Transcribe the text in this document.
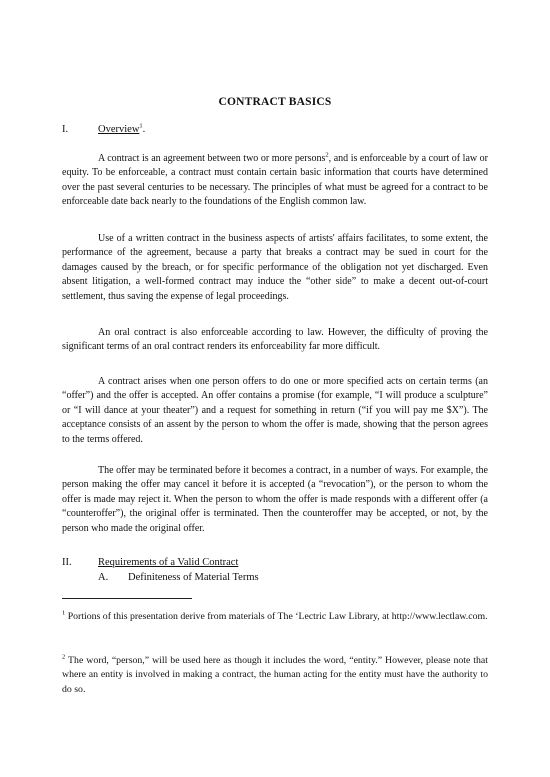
CONTRACT BASICS
I.	Overview$^1$.

A contract is an agreement between two or more persons$^2$, and is enforceable by a court of law or equity. To be enforceable, a contract must contain certain basic information that courts have determined over the past several centuries to be necessary. The principles of what must be agreed for a contract to be enforceable date back nearly to the foundations of the English common law.

Use of a written contract in the business aspects of artists' affairs facilitates, to some extent, the performance of the agreement, because a party that breaks a contract may be sued in court for the damages caused by the breach, or for specific performance of the obligation not yet discharged. Even absent litigation, a well-formed contract may induce the “other side” to make a decent out-of-court settlement, thus saving the expense of legal proceedings.

An oral contract is also enforceable according to law. However, the difficulty of proving the significant terms of an oral contract renders its enforceability far more difficult.

A contract arises when one person offers to do one or more specified acts on certain terms (an “offer”) and the offer is accepted. An offer contains a promise (for example, “I will produce a sculpture” or “I will dance at your theater”) and a request for something in return (“if you will pay me $X”). The acceptance consists of an assent by the person to whom the offer is made, showing that the person agrees to the terms offered.

The offer may be terminated before it becomes a contract, in a number of ways. For example, the person making the offer may cancel it before it is accepted (a “revocation”), or the person to whom the offer is made may reject it. When the person to whom the offer is made responds with a different offer (a “counteroffer”), the original offer is terminated. Then the counteroffer may be accepted, or not, by the person who made the original offer.

II.	Requirements of a Valid Contract
A. Definiteness of Material Terms

$^1$ Portions of this presentation derive from materials of The ‘Lectric Law Library, at http://www.lectlaw.com.

$^2$ The word, “person,” will be used here as though it includes the word, “entity.” However, please note that where an entity is involved in making a contract, the human acting for the entity must have the authority to do so.
